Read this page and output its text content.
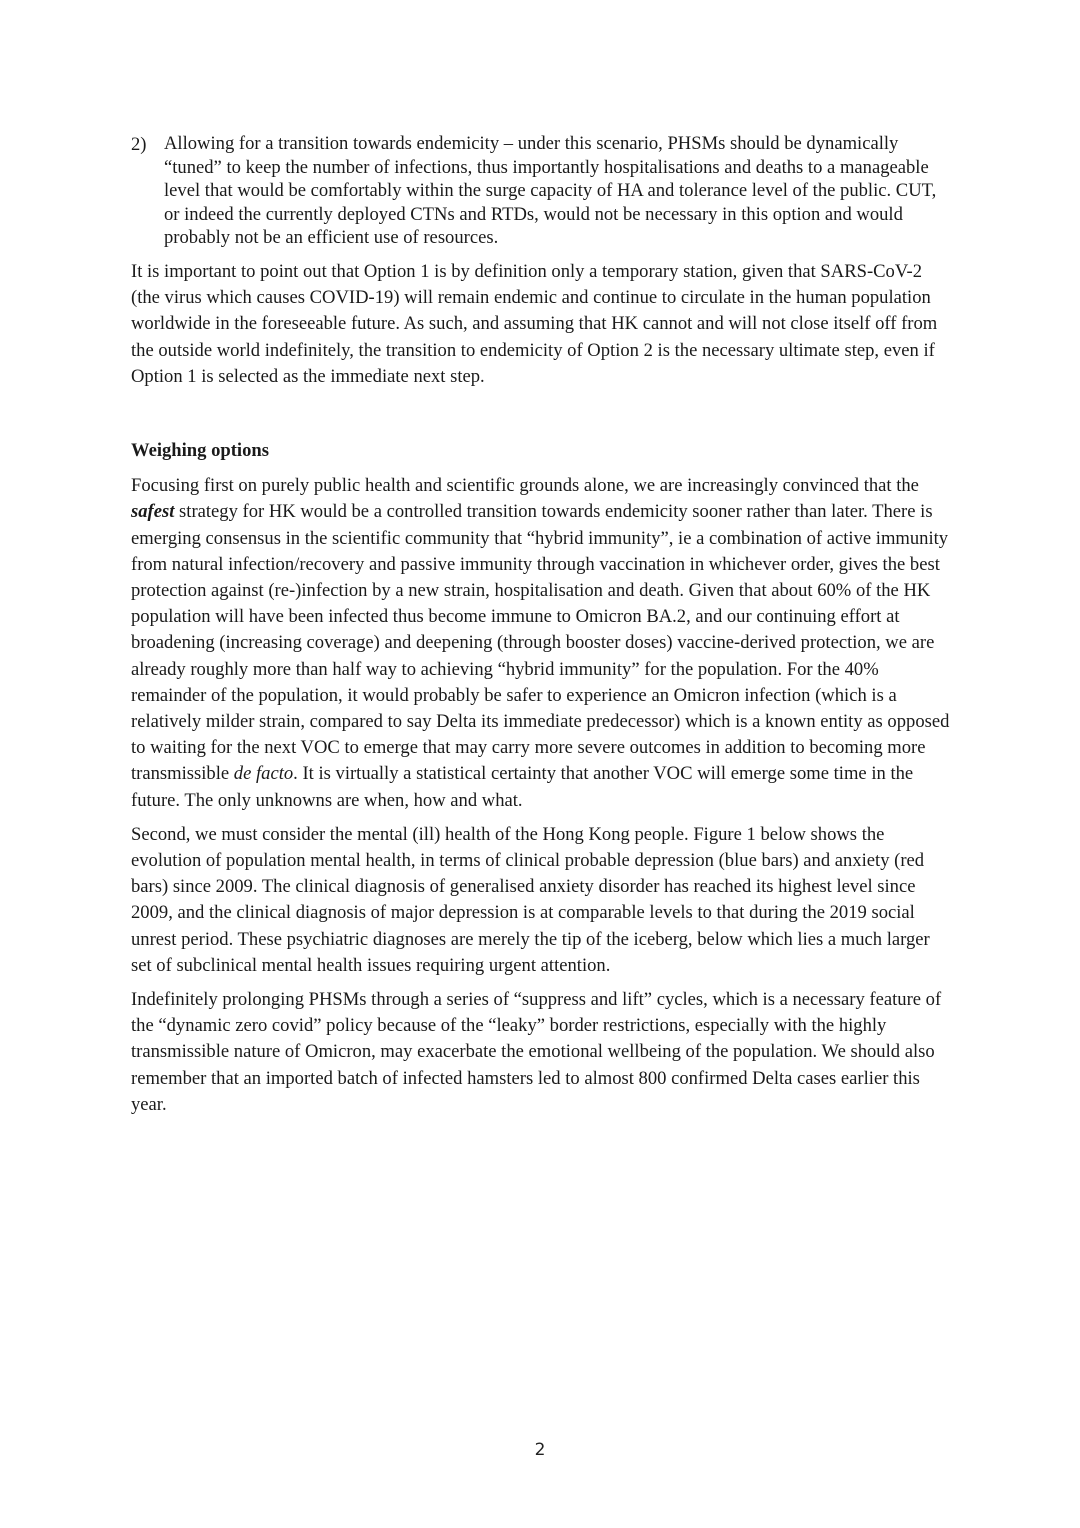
2) Allowing for a transition towards endemicity – under this scenario, PHSMs should be dynamically “tuned” to keep the number of infections, thus importantly hospitalisations and deaths to a manageable level that would be comfortably within the surge capacity of HA and tolerance level of the public. CUT, or indeed the currently deployed CTNs and RTDs, would not be necessary in this option and would probably not be an efficient use of resources.

It is important to point out that Option 1 is by definition only a temporary station, given that SARS-CoV-2 (the virus which causes COVID-19) will remain endemic and continue to circulate in the human population worldwide in the foreseeable future. As such, and assuming that HK cannot and will not close itself off from the outside world indefinitely, the transition to endemicity of Option 2 is the necessary ultimate step, even if Option 1 is selected as the immediate next step.

Weighing options

Focusing first on purely public health and scientific grounds alone, we are increasingly convinced that the safest strategy for HK would be a controlled transition towards endemicity sooner rather than later. There is emerging consensus in the scientific community that “hybrid immunity”, ie a combination of active immunity from natural infection/recovery and passive immunity through vaccination in whichever order, gives the best protection against (re-)infection by a new strain, hospitalisation and death. Given that about 60% of the HK population will have been infected thus become immune to Omicron BA.2, and our continuing effort at broadening (increasing coverage) and deepening (through booster doses) vaccine-derived protection, we are already roughly more than half way to achieving “hybrid immunity” for the population. For the 40% remainder of the population, it would probably be safer to experience an Omicron infection (which is a relatively milder strain, compared to say Delta its immediate predecessor) which is a known entity as opposed to waiting for the next VOC to emerge that may carry more severe outcomes in addition to becoming more transmissible de facto. It is virtually a statistical certainty that another VOC will emerge some time in the future. The only unknowns are when, how and what.

Second, we must consider the mental (ill) health of the Hong Kong people. Figure 1 below shows the evolution of population mental health, in terms of clinical probable depression (blue bars) and anxiety (red bars) since 2009. The clinical diagnosis of generalised anxiety disorder has reached its highest level since 2009, and the clinical diagnosis of major depression is at comparable levels to that during the 2019 social unrest period. These psychiatric diagnoses are merely the tip of the iceberg, below which lies a much larger set of subclinical mental health issues requiring urgent attention.

Indefinitely prolonging PHSMs through a series of “suppress and lift” cycles, which is a necessary feature of the “dynamic zero covid” policy because of the “leaky” border restrictions, especially with the highly transmissible nature of Omicron, may exacerbate the emotional wellbeing of the population. We should also remember that an imported batch of infected hamsters led to almost 800 confirmed Delta cases earlier this year.

2
